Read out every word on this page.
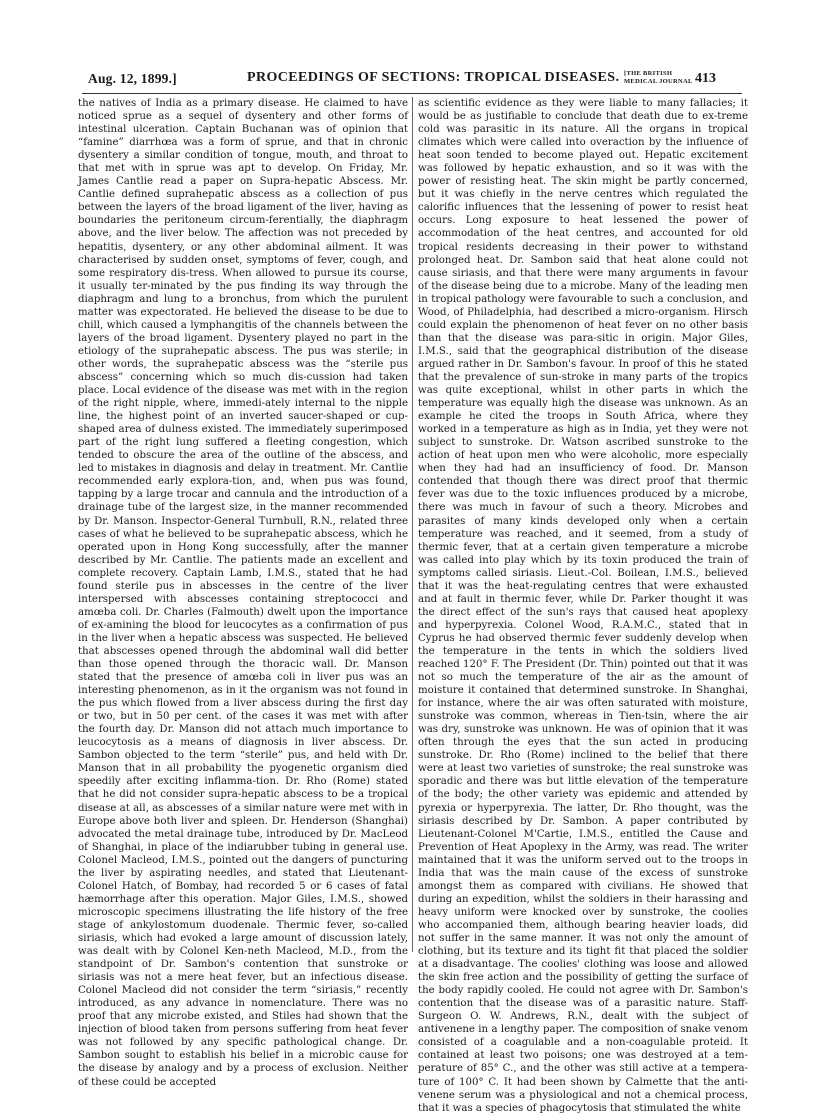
Aug. 12, 1899.]	PROCEEDINGS OF SECTIONS: TROPICAL DISEASES. [THE BRITISH
MEDICAL JOURNAL 413

the natives of India as a primary disease. He claimed to have noticed sprue as a sequel of dysentery and other forms of intestinal ulceration. Captain Buchanan was of opinion that “famine” diarrhœa was a form of sprue, and that in chronic dysentery a similar condition of tongue, mouth, and throat to that met with in sprue was apt to develop. On Friday, Mr. James Cantlie read a paper on Supra-hepatic Abscess. Mr. Cantlie defined suprahepatic abscess as a collection of pus between the layers of the broad ligament of the liver, having as boundaries the peritoneum circum-ferentially, the diaphragm above, and the liver below. The affection was not preceded by hepatitis, dysentery, or any other abdominal ailment. It was characterised by sudden onset, symptoms of fever, cough, and some respiratory dis-tress. When allowed to pursue its course, it usually ter-minated by the pus finding its way through the diaphragm and lung to a bronchus, from which the purulent matter was expectorated. He believed the disease to be due to chill, which caused a lymphangitis of the channels between the layers of the broad ligament. Dysentery played no part in the etiology of the suprahepatic abscess. The pus was sterile; in other words, the suprahepatic abscess was the “sterile pus abscess” concerning which so much dis-cussion had taken place. Local evidence of the disease was met with in the region of the right nipple, where, immedi-ately internal to the nipple line, the highest point of an inverted saucer-shaped or cup-shaped area of dulness existed. The immediately superimposed part of the right lung suffered a fleeting congestion, which tended to obscure the area of the outline of the abscess, and led to mistakes in diagnosis and delay in treatment. Mr. Cantlie recommended early explora-tion, and, when pus was found, tapping by a large trocar and cannula and the introduction of a drainage tube of the largest size, in the manner recommended by Dr. Manson. Inspector-General Turnbull, R.N., related three cases of what he believed to be suprahepatic abscess, which he operated upon in Hong Kong successfully, after the manner described by Mr. Cantlie. The patients made an excellent and complete recovery. Captain Lamb, I.M.S., stated that he had found sterile pus in abscesses in the centre of the liver interspersed with abscesses containing streptococci and amœba coli. Dr. Charles (Falmouth) dwelt upon the importance of ex-amining the blood for leucocytes as a confirmation of pus in the liver when a hepatic abscess was suspected. He believed that abscesses opened through the abdominal wall did better than those opened through the thoracic wall. Dr. Manson stated that the presence of amœba coli in liver pus was an interesting phenomenon, as in it the organism was not found in the pus which flowed from a liver abscess during the first day or two, but in 50 per cent. of the cases it was met with after the fourth day. Dr. Manson did not attach much importance to leucocytosis as a means of diagnosis in liver abscess. Dr. Sambon objected to the term “sterile” pus, and held with Dr. Manson that in all probability the pyogenetic organism died speedily after exciting inflamma-tion. Dr. Rho (Rome) stated that he did not consider supra-hepatic abscess to be a tropical disease at all, as abscesses of a similar nature were met with in Europe above both liver and spleen. Dr. Henderson (Shanghai) advocated the metal drainage tube, introduced by Dr. MacLeod of Shanghai, in place of the indiarubber tubing in general use. Colonel Macleod, I.M.S., pointed out the dangers of puncturing the liver by aspirating needles, and stated that Lieutenant-Colonel Hatch, of Bombay, had recorded 5 or 6 cases of fatal hæmorrhage after this operation. Major Giles, I.M.S., showed microscopic specimens illustrating the life history of the free stage of ankylostomum duodenale. Thermic fever, so-called siriasis, which had evoked a large amount of discussion lately, was dealt with by Colonel Ken-neth Macleod, M.D., from the standpoint of Dr. Sambon's contention that sunstroke or siriasis was not a mere heat fever, but an infectious disease. Colonel Macleod did not consider the term “siriasis,” recently introduced, as any advance in nomenclature. There was no proof that any microbe existed, and Stiles had shown that the injection of blood taken from persons suffering from heat fever was not followed by any specific pathological change. Dr. Sambon sought to establish his belief in a microbic cause for the disease by analogy and by a process of exclusion. Neither of these could be accepted

as scientific evidence as they were liable to many fallacies; it would be as justifiable to conclude that death due to ex-treme cold was parasitic in its nature. All the organs in tropical climates which were called into overaction by the influence of heat soon tended to become played out. Hepatic excitement was followed by hepatic exhaustion, and so it was with the power of resisting heat. The skin might be partly concerned, but it was chiefly in the nerve centres which regulated the calorific influences that the lessening of power to resist heat occurs. Long exposure to heat lessened the power of accommodation of the heat centres, and accounted for old tropical residents decreasing in their power to withstand prolonged heat. Dr. Sambon said that heat alone could not cause siriasis, and that there were many arguments in favour of the disease being due to a microbe. Many of the leading men in tropical pathology were favourable to such a conclusion, and Wood, of Philadelphia, had described a micro-organism. Hirsch could explain the phenomenon of heat fever on no other basis than that the disease was para-sitic in origin. Major Giles, I.M.S., said that the geographical distribution of the disease argued rather in Dr. Sambon's favour. In proof of this he stated that the prevalence of sun-stroke in many parts of the tropics was quite exceptional, whilst in other parts in which the temperature was equally high the disease was unknown. As an example he cited the troops in South Africa, where they worked in a temperature as high as in India, yet they were not subject to sunstroke. Dr. Watson ascribed sunstroke to the action of heat upon men who were alcoholic, more especially when they had had an insufficiency of food. Dr. Manson contended that though there was direct proof that thermic fever was due to the toxic influences produced by a microbe, there was much in favour of such a theory. Microbes and parasites of many kinds developed only when a certain temperature was reached, and it seemed, from a study of thermic fever, that at a certain given temperature a microbe was called into play which by its toxin produced the train of symptoms called siriasis. Lieut.-Col. Boilean, I.M.S., believed that it was the heat-regulating centres that were exhausted and at fault in thermic fever, while Dr. Parker thought it was the direct effect of the sun's rays that caused heat apoplexy and hyperpyrexia. Colonel Wood, R.A.M.C., stated that in Cyprus he had observed thermic fever suddenly develop when the temperature in the tents in which the soldiers lived reached 120° F. The President (Dr. Thin) pointed out that it was not so much the temperature of the air as the amount of moisture it contained that determined sunstroke. In Shanghai, for instance, where the air was often saturated with moisture, sunstroke was common, whereas in Tien-tsin, where the air was dry, sunstroke was unknown. He was of opinion that it was often through the eyes that the sun acted in producing sunstroke. Dr. Rho (Rome) inclined to the belief that there were at least two varieties of sunstroke; the real sunstroke was sporadic and there was but little elevation of the temperature of the body; the other variety was epidemic and attended by pyrexia or hyperpyrexia. The latter, Dr. Rho thought, was the siriasis described by Dr. Sambon. A paper contributed by Lieutenant-Colonel M'Cartie, I.M.S., entitled the Cause and Prevention of Heat Apoplexy in the Army, was read. The writer maintained that it was the uniform served out to the troops in India that was the main cause of the excess of sunstroke amongst them as compared with civilians. He showed that during an expedition, whilst the soldiers in their harassing and heavy uniform were knocked over by sunstroke, the coolies who accompanied them, although bearing heavier loads, did not suffer in the same manner. It was not only the amount of clothing, but its texture and its tight fit that placed the soldier at a disadvantage. The coolies' clothing was loose and allowed the skin free action and the possibility of getting the surface of the body rapidly cooled. He could not agree with Dr. Sambon's contention that the disease was of a parasitic nature. Staff-Surgeon O. W. Andrews, R.N., dealt with the subject of antivenene in a lengthy paper. The composition of snake venom consisted of a coagulable and a non-coagulable proteid. It contained at least two poisons; one was destroyed at a tem-perature of 85° C., and the other was still active at a tempera-ture of 100° C. It had been shown by Calmette that the anti-venene serum was a physiological and not a chemical process, that it was a species of phagocytosis that stimulated the white
